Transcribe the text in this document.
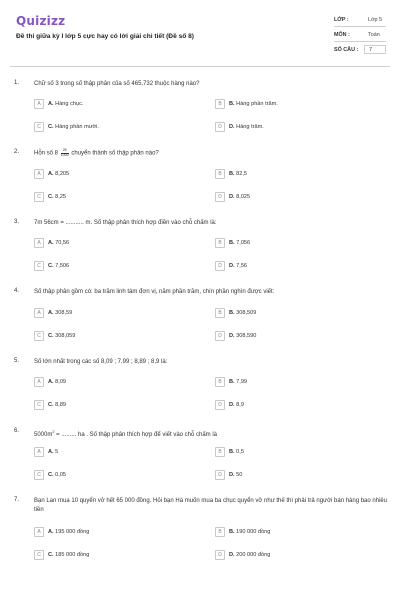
Quizizz
Đề thi giữa kỳ I lớp 5 cực hay có lời giải chi tiết (Đề số 8)
LỚP :	Lớp 5
MÔN :	Toán
SỐ CÂU : 7
1. Chữ số 3 trong số thập phân của số 465,732 thuộc hàng nào?
A	A. Hàng chục.	B	B. Hàng phần trăm.
C	C. Hàng phần mười.	D	D. Hàng trăm.
2. Hỗn số $8 \frac{25}{1000}$ chuyển thành số thập phân nào?
A	A. 8,205	B	B. 82,5
C	C. 8,25	D	D. 8,025
3. 7m 56cm = ........... m. Số thập phân thích hợp điền vào chỗ chấm là:
A	A. 70,56	B	B. 7,056
C	C. 7,506	D	D. 7,56
4. Số thập phân gồm có: ba trăm linh tám đơn vị, năm phần trăm, chín phần nghìn được viết:
A	A. 308,59	B	B. 308,509
C	C. 308,059	D	D. 308,590
5. Số lớn nhất trong các số 8,09 ; 7,99 ; 8,89 ; 8,9 là:
A	A. 8,09	B	B. 7,99
C	C. 8,89	D	D. 8,9
6.
$5000m^2$ = ......... ha . Số thập phân thích hợp để viết vào chỗ chấm là
A	A. 5	B	B. 0,5
C	C. 0,05	D	D. 50
7. Bạn Lan mua 10 quyển vở hết 65 000 đồng. Hỏi bạn Hà muốn mua ba chục quyển vở như thế thì phải trả người bán hàng bao nhiêu tiền
A	A. 195 000 đồng	B	B. 190 000 đồng
C	C. 185 000 đồng	D	D. 200 000 đồng
